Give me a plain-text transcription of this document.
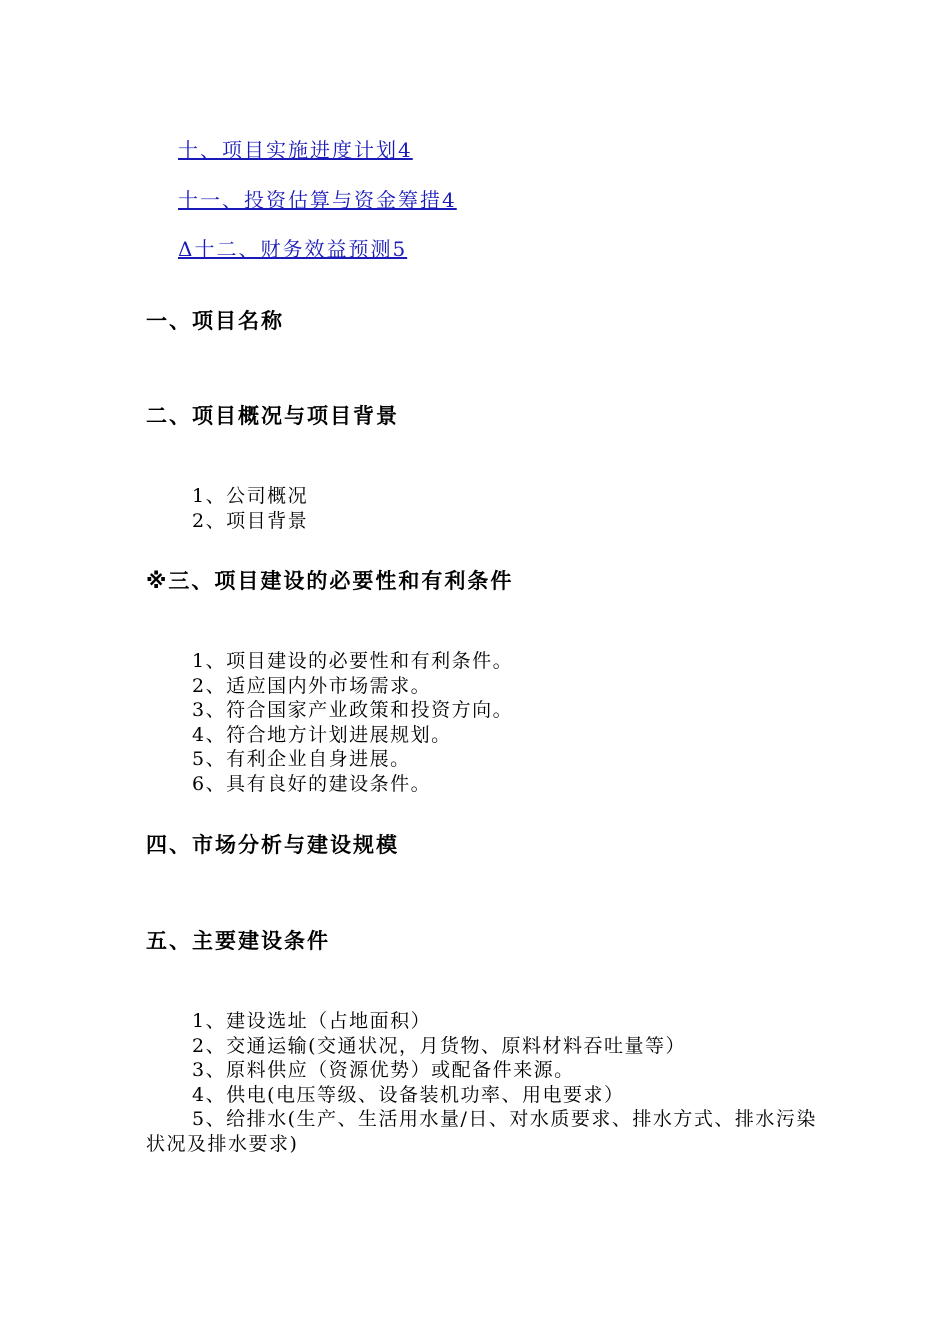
十、项目实施进度计划4
十一、投资估算与资金筹措4
Δ十二、财务效益预测5
一、项目名称
二、项目概况与项目背景
1、公司概况
2、项目背景
※三、项目建设的必要性和有利条件
1、项目建设的必要性和有利条件。
2、适应国内外市场需求。
3、符合国家产业政策和投资方向。
4、符合地方计划进展规划。
5、有利企业自身进展。
6、具有良好的建设条件。
四、市场分析与建设规模
五、主要建设条件
1、建设选址（占地面积）
2、交通运输(交通状况，月货物、原料材料吞吐量等）
3、原料供应（资源优势）或配备件来源。
4、供电(电压等级、设备装机功率、用电要求）
5、给排水(生产、生活用水量/日、对水质要求、排水方式、排水污染状况及排水要求)
